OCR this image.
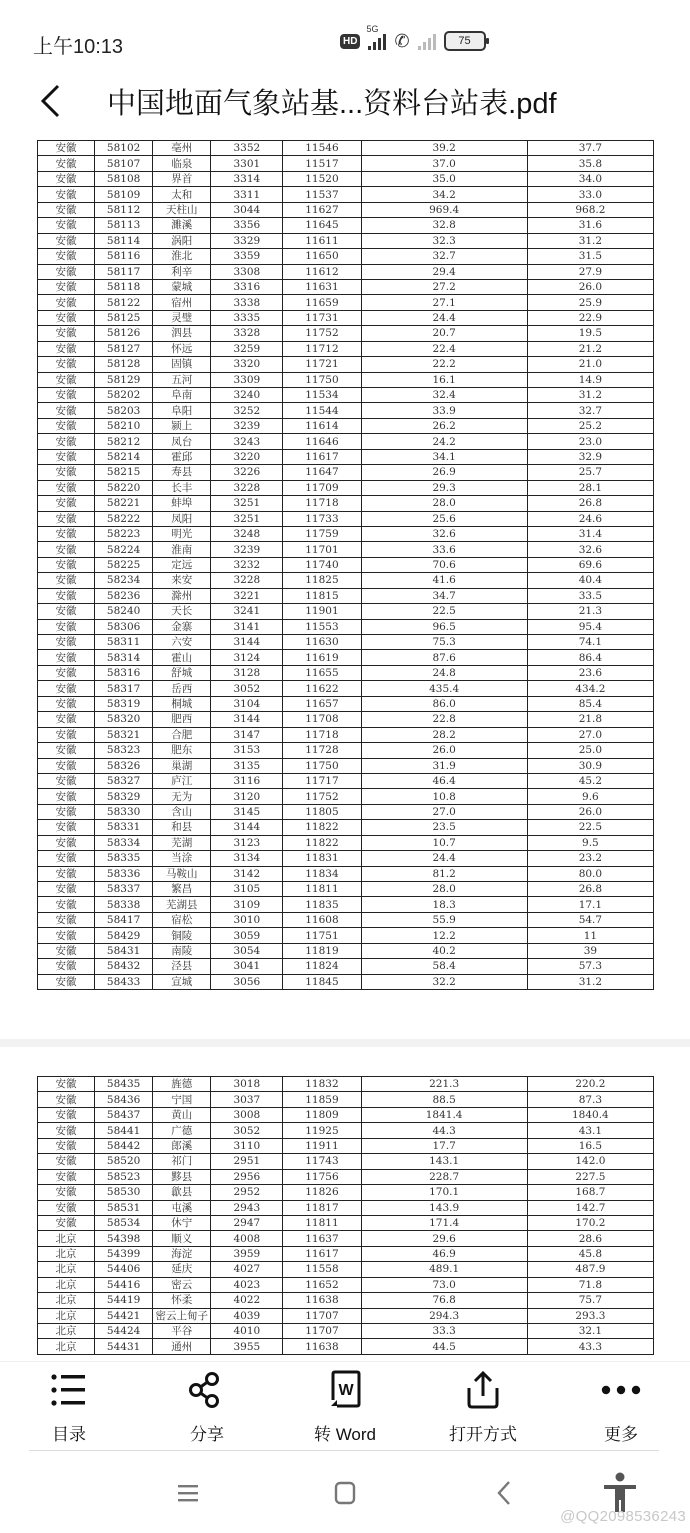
上午10:13	HD
5G
✆	75
中国地面气象站基...资料台站表.pdf
安徽	58102	亳州	3352	11546	39.2	37.7
安徽	58107	临泉	3301	11517	37.0	35.8
安徽	58108	界首	3314	11520	35.0	34.0
安徽	58109	太和	3311	11537	34.2	33.0
安徽	58112	天柱山	3044	11627	969.4	968.2
安徽	58113	濉溪	3356	11645	32.8	31.6
安徽	58114	涡阳	3329	11611	32.3	31.2
安徽	58116	淮北	3359	11650	32.7	31.5
安徽	58117	利辛	3308	11612	29.4	27.9
安徽	58118	蒙城	3316	11631	27.2	26.0
安徽	58122	宿州	3338	11659	27.1	25.9
安徽	58125	灵璧	3335	11731	24.4	22.9
安徽	58126	泗县	3328	11752	20.7	19.5
安徽	58127	怀远	3259	11712	22.4	21.2
安徽	58128	固镇	3320	11721	22.2	21.0
安徽	58129	五河	3309	11750	16.1	14.9
安徽	58202	阜南	3240	11534	32.4	31.2
安徽	58203	阜阳	3252	11544	33.9	32.7
安徽	58210	颍上	3239	11614	26.2	25.2
安徽	58212	凤台	3243	11646	24.2	23.0
安徽	58214	霍邱	3220	11617	34.1	32.9
安徽	58215	寿县	3226	11647	26.9	25.7
安徽	58220	长丰	3228	11709	29.3	28.1
安徽	58221	蚌埠	3251	11718	28.0	26.8
安徽	58222	凤阳	3251	11733	25.6	24.6
安徽	58223	明光	3248	11759	32.6	31.4
安徽	58224	淮南	3239	11701	33.6	32.6
安徽	58225	定远	3232	11740	70.6	69.6
安徽	58234	来安	3228	11825	41.6	40.4
安徽	58236	滁州	3221	11815	34.7	33.5
安徽	58240	天长	3241	11901	22.5	21.3
安徽	58306	金寨	3141	11553	96.5	95.4
安徽	58311	六安	3144	11630	75.3	74.1
安徽	58314	霍山	3124	11619	87.6	86.4
安徽	58316	舒城	3128	11655	24.8	23.6
安徽	58317	岳西	3052	11622	435.4	434.2
安徽	58319	桐城	3104	11657	86.0	85.4
安徽	58320	肥西	3144	11708	22.8	21.8
安徽	58321	合肥	3147	11718	28.2	27.0
安徽	58323	肥东	3153	11728	26.0	25.0
安徽	58326	巢湖	3135	11750	31.9	30.9
安徽	58327	庐江	3116	11717	46.4	45.2
安徽	58329	无为	3120	11752	10.8	9.6
安徽	58330	含山	3145	11805	27.0	26.0
安徽	58331	和县	3144	11822	23.5	22.5
安徽	58334	芜湖	3123	11822	10.7	9.5
安徽	58335	当涂	3134	11831	24.4	23.2
安徽	58336	马鞍山	3142	11834	81.2	80.0
安徽	58337	繁昌	3105	11811	28.0	26.8
安徽	58338	芜湖县	3109	11835	18.3	17.1
安徽	58417	宿松	3010	11608	55.9	54.7
安徽	58429	铜陵	3059	11751	12.2	11
安徽	58431	南陵	3054	11819	40.2	39
安徽	58432	泾县	3041	11824	58.4	57.3
安徽	58433	宣城	3056	11845	32.2	31.2
安徽	58435	旌德	3018	11832	221.3	220.2
安徽	58436	宁国	3037	11859	88.5	87.3
安徽	58437	黄山	3008	11809	1841.4	1840.4
安徽	58441	广德	3052	11925	44.3	43.1
安徽	58442	郎溪	3110	11911	17.7	16.5
安徽	58520	祁门	2951	11743	143.1	142.0
安徽	58523	黟县	2956	11756	228.7	227.5
安徽	58530	歙县	2952	11826	170.1	168.7
安徽	58531	屯溪	2943	11817	143.9	142.7
安徽	58534	休宁	2947	11811	171.4	170.2
北京	54398	顺义	4008	11637	29.6	28.6
北京	54399	海淀	3959	11617	46.9	45.8
北京	54406	延庆	4027	11558	489.1	487.9
北京	54416	密云	4023	11652	73.0	71.8
北京	54419	怀柔	4022	11638	76.8	75.7
北京	54421	密云上甸子	4039	11707	294.3	293.3
北京	54424	平谷	4010	11707	33.3	32.1
北京	54431	通州	3955	11638	44.5	43.3
目录	分享
W
转 Word	打开方式	更多
@QQ2098536243
